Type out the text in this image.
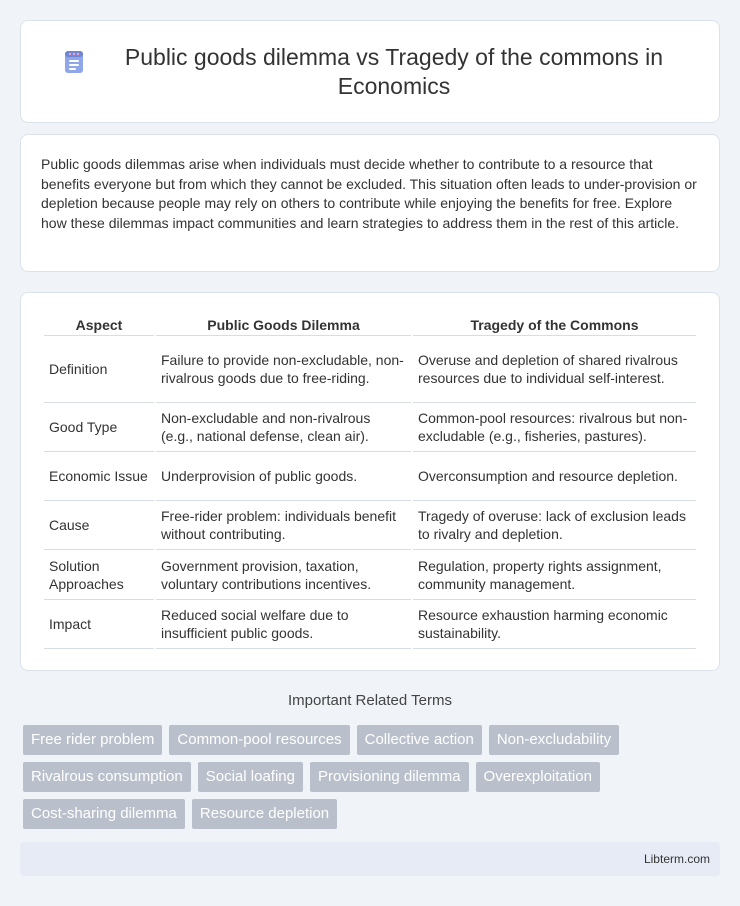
Public goods dilemma vs Tragedy of the commons in Economics

Public goods dilemmas arise when individuals must decide whether to contribute to a resource that benefits everyone but from which they cannot be excluded. This situation often leads to under-provision or depletion because people may rely on others to contribute while enjoying the benefits for free. Explore how these dilemmas impact communities and learn strategies to address them in the rest of this article.

Aspect	Public Goods Dilemma	Tragedy of the Commons
Definition	Failure to provide non-excludable, non-rivalrous goods due to free-riding.	Overuse and depletion of shared rivalrous resources due to individual self-interest.
Good Type	Non-excludable and non-rivalrous (e.g., national defense, clean air).	Common-pool resources: rivalrous but non-excludable (e.g., fisheries, pastures).
Economic Issue	Underprovision of public goods.	Overconsumption and resource depletion.
Cause	Free-rider problem: individuals benefit without contributing.	Tragedy of overuse: lack of exclusion leads to rivalry and depletion.
Solution Approaches	Government provision, taxation, voluntary contributions incentives.	Regulation, property rights assignment, community management.
Impact	Reduced social welfare due to insufficient public goods.	Resource exhaustion harming economic sustainability.
Important Related Terms
Free rider problem	Common-pool resources	Collective action	Non-excludability
Rivalrous consumption	Social loafing	Provisioning dilemma	Overexploitation
Cost-sharing dilemma	Resource depletion
Libterm.com
